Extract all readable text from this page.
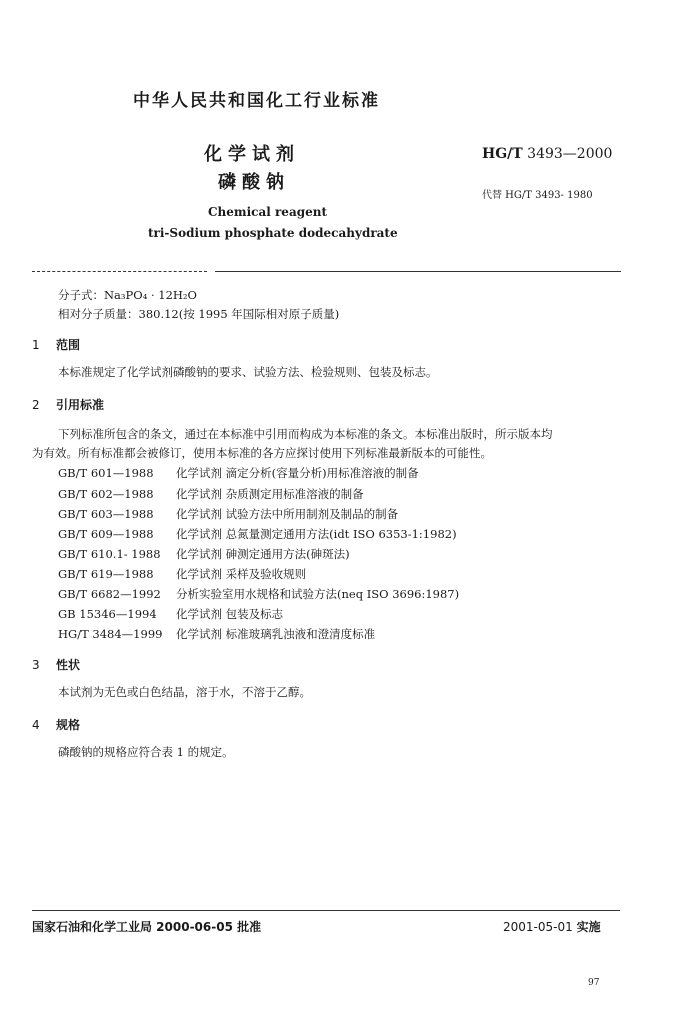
中华人民共和国化工行业标准
化学试剂
磷酸钠
HG/T 3493—2000
代替 HG/T 3493- 1980
Chemical reagent
tri-Sodium phosphate dodecahydrate
分子式：Na₃PO₄ · 12H₂O
相对分子质量：380.12(按 1995 年国际相对原子质量)
1 范围
本标准规定了化学试剂磷酸钠的要求、试验方法、检验规则、包装及标志。
2 引用标准
下列标准所包含的条文，通过在本标准中引用而构成为本标准的条文。本标准出版时，所示版本均
为有效。所有标准都会被修订，使用本标准的各方应探讨使用下列标准最新版本的可能性。
GB/T 601—1988 化学试剂 滴定分析(容量分析)用标准溶液的制备
GB/T 602—1988 化学试剂 杂质测定用标准溶液的制备
GB/T 603—1988 化学试剂 试验方法中所用制剂及制品的制备
GB/T 609—1988 化学试剂 总氮量测定通用方法(idt ISO 6353-1:1982)
GB/T 610.1- 1988 化学试剂 砷测定通用方法(砷斑法)
GB/T 619—1988 化学试剂 采样及验收规则
GB/T 6682—1992 分析实验室用水规格和试验方法(neq ISO 3696:1987)
GB 15346—1994 化学试剂 包装及标志
HG/T 3484—1999 化学试剂 标准玻璃乳浊液和澄清度标准
3 性状
本试剂为无色或白色结晶，溶于水，不溶于乙醇。
4 规格
磷酸钠的规格应符合表 1 的规定。
国家石油和化学工业局 2000-06-05 批准	2001-05-01 实施
97
